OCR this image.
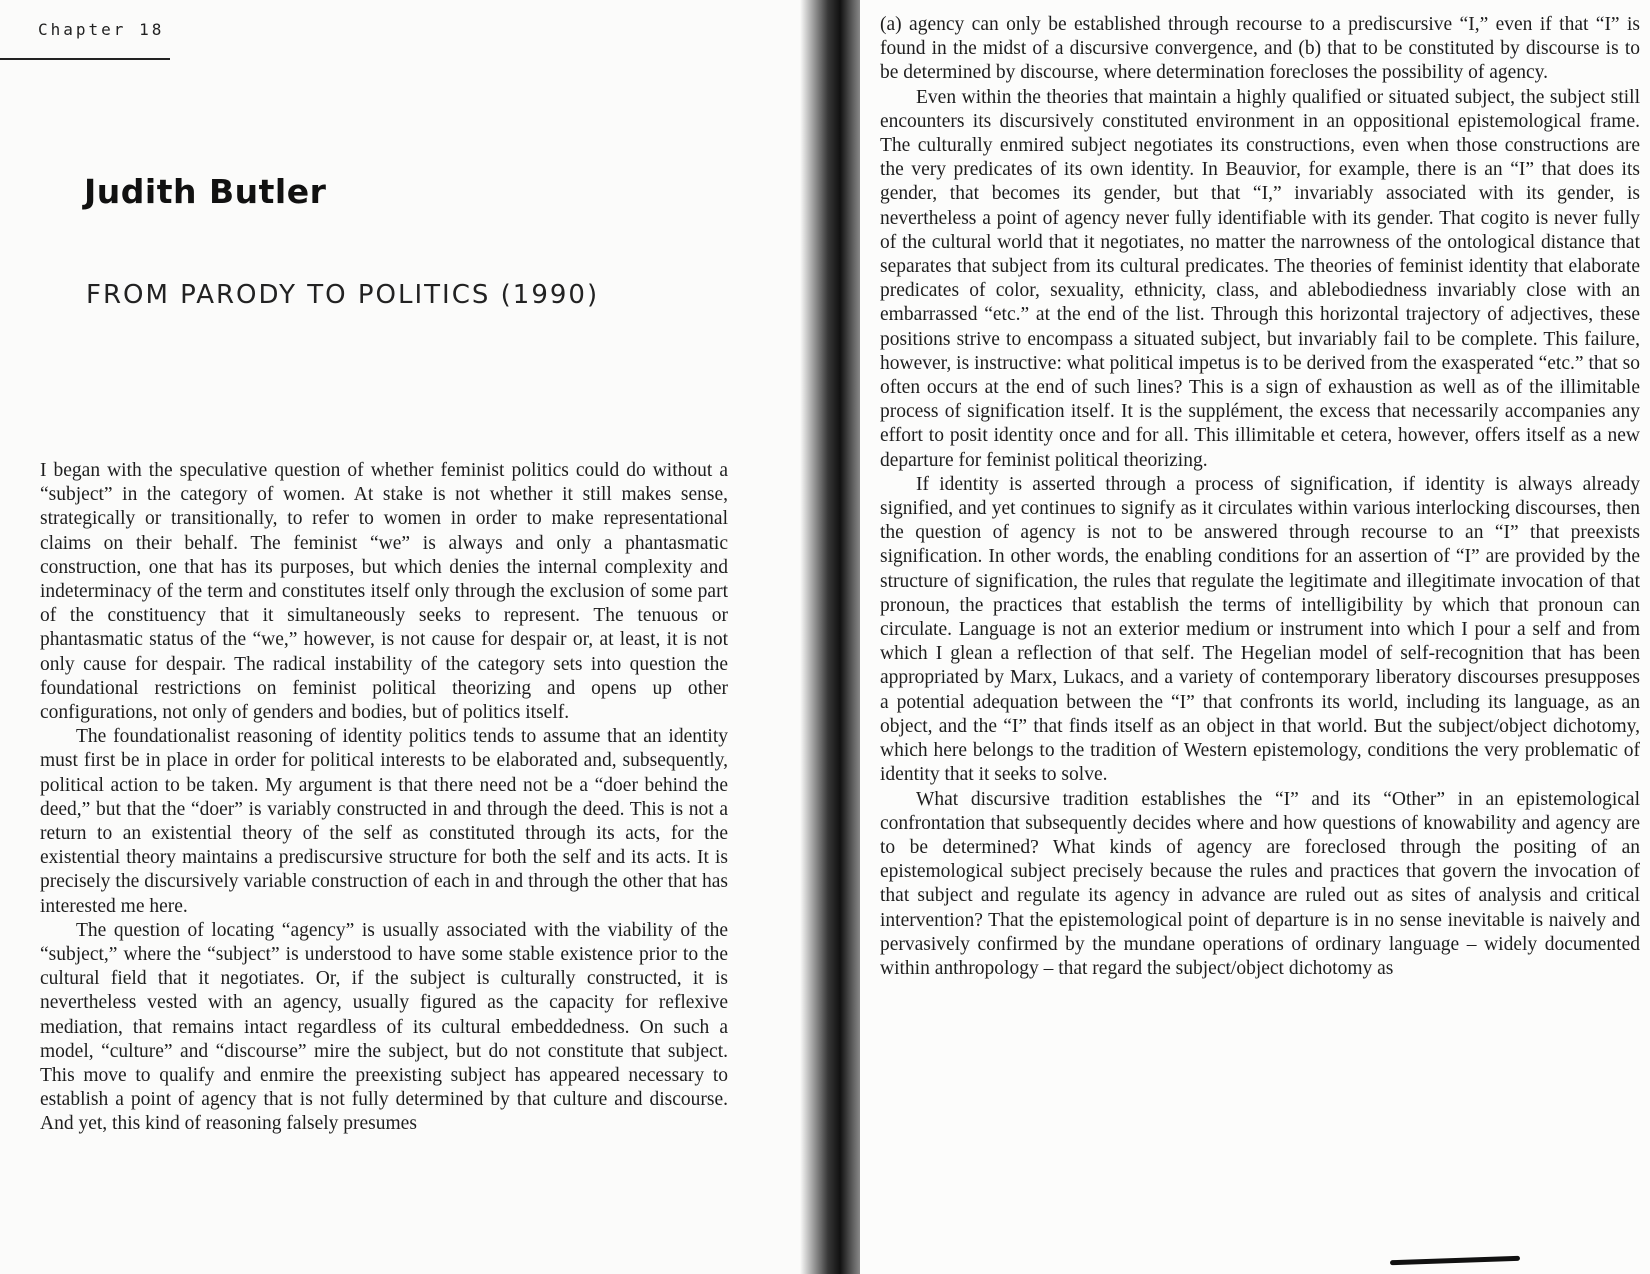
Chapter 18
Judith Butler
FROM PARODY TO POLITICS (1990)

I began with the speculative question of whether feminist politics could do without a “subject” in the category of women. At stake is not whether it still makes sense, strategically or transitionally, to refer to women in order to make representational claims on their behalf. The feminist “we” is always and only a phantasmatic construction, one that has its purposes, but which denies the internal complexity and indeterminacy of the term and constitutes itself only through the exclusion of some part of the constituency that it simultaneously seeks to represent. The tenuous or phantasmatic status of the “we,” however, is not cause for despair or, at least, it is not only cause for despair. The radical instability of the category sets into question the foundational restrictions on feminist political theorizing and opens up other configurations, not only of genders and bodies, but of politics itself.

The foundationalist reasoning of identity politics tends to assume that an identity must first be in place in order for political interests to be elaborated and, subsequently, political action to be taken. My argument is that there need not be a “doer behind the deed,” but that the “doer” is variably constructed in and through the deed. This is not a return to an existential theory of the self as constituted through its acts, for the existential theory maintains a prediscursive structure for both the self and its acts. It is precisely the discursively variable construction of each in and through the other that has interested me here.

The question of locating “agency” is usually associated with the viability of the “subject,” where the “subject” is understood to have some stable existence prior to the cultural field that it negotiates. Or, if the subject is culturally constructed, it is nevertheless vested with an agency, usually figured as the capacity for reflexive mediation, that remains intact regardless of its cultural embeddedness. On such a model, “culture” and “discourse” mire the subject, but do not constitute that subject. This move to qualify and enmire the preexisting subject has appeared necessary to establish a point of agency that is not fully determined by that culture and discourse. And yet, this kind of reasoning falsely presumes

(a) agency can only be established through recourse to a prediscursive “I,” even if that “I” is found in the midst of a discursive convergence, and (b) that to be constituted by discourse is to be determined by discourse, where determination forecloses the possibility of agency.

Even within the theories that maintain a highly qualified or situated subject, the subject still encounters its discursively constituted environment in an oppositional epistemological frame. The culturally enmired subject negotiates its constructions, even when those constructions are the very predicates of its own identity. In Beauvior, for example, there is an “I” that does its gender, that becomes its gender, but that “I,” invariably associated with its gender, is nevertheless a point of agency never fully identifiable with its gender. That cogito is never fully of the cultural world that it negotiates, no matter the narrowness of the ontological distance that separates that subject from its cultural predicates. The theories of feminist identity that elaborate predicates of color, sexuality, ethnicity, class, and ablebodiedness invariably close with an embarrassed “etc.” at the end of the list. Through this horizontal trajectory of adjectives, these positions strive to encompass a situated subject, but invariably fail to be complete. This failure, however, is instructive: what political impetus is to be derived from the exasperated “etc.” that so often occurs at the end of such lines? This is a sign of exhaustion as well as of the illimitable process of signification itself. It is the supplément, the excess that necessarily accompanies any effort to posit identity once and for all. This illimitable et cetera, however, offers itself as a new departure for feminist political theorizing.

If identity is asserted through a process of signification, if identity is always already signified, and yet continues to signify as it circulates within various interlocking discourses, then the question of agency is not to be answered through recourse to an “I” that preexists signification. In other words, the enabling conditions for an assertion of “I” are provided by the structure of signification, the rules that regulate the legitimate and illegitimate invocation of that pronoun, the practices that establish the terms of intelligibility by which that pronoun can circulate. Language is not an exterior medium or instrument into which I pour a self and from which I glean a reflection of that self. The Hegelian model of self-recognition that has been appropriated by Marx, Lukacs, and a variety of contemporary liberatory discourses presupposes a potential adequation between the “I” that confronts its world, including its language, as an object, and the “I” that finds itself as an object in that world. But the subject/object dichotomy, which here belongs to the tradition of Western epistemology, conditions the very problematic of identity that it seeks to solve.

What discursive tradition establishes the “I” and its “Other” in an epistemological confrontation that subsequently decides where and how questions of knowability and agency are to be determined? What kinds of agency are foreclosed through the positing of an epistemological subject precisely because the rules and practices that govern the invocation of that subject and regulate its agency in advance are ruled out as sites of analysis and critical intervention? That the epistemological point of departure is in no sense inevitable is naively and pervasively confirmed by the mundane operations of ordinary language – widely documented within anthropology – that regard the subject/object dichotomy as
